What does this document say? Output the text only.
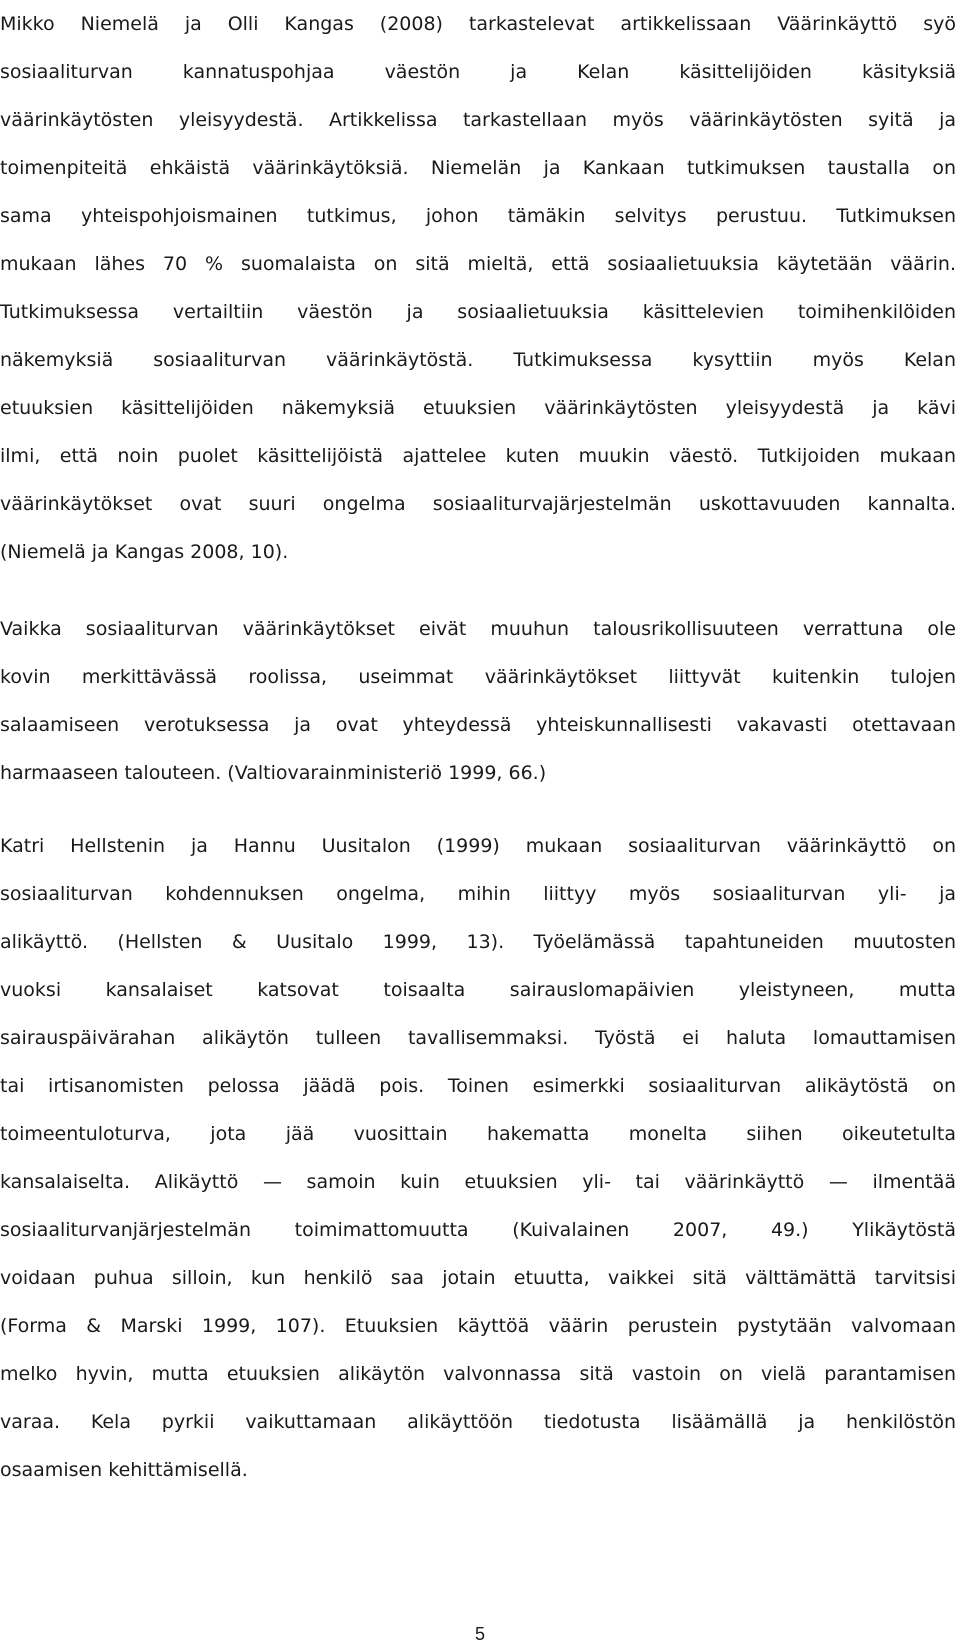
Mikko Niemelä ja Olli Kangas (2008) tarkastelevat artikkelissaan Väärinkäyttö syö
sosiaaliturvan kannatuspohjaa väestön ja Kelan käsittelijöiden käsityksiä
väärinkäytösten yleisyydestä. Artikkelissa tarkastellaan myös väärinkäytösten syitä ja
toimenpiteitä ehkäistä väärinkäytöksiä. Niemelän ja Kankaan tutkimuksen taustalla on
sama yhteispohjoismainen tutkimus, johon tämäkin selvitys perustuu. Tutkimuksen
mukaan lähes 70 % suomalaista on sitä mieltä, että sosiaalietuuksia käytetään väärin.
Tutkimuksessa vertailtiin väestön ja sosiaalietuuksia käsittelevien toimihenkilöiden
näkemyksiä sosiaaliturvan väärinkäytöstä. Tutkimuksessa kysyttiin myös Kelan
etuuksien käsittelijöiden näkemyksiä etuuksien väärinkäytösten yleisyydestä ja kävi
ilmi, että noin puolet käsittelijöistä ajattelee kuten muukin väestö. Tutkijoiden mukaan
väärinkäytökset ovat suuri ongelma sosiaaliturvajärjestelmän uskottavuuden kannalta.
(Niemelä ja Kangas 2008, 10).
Vaikka sosiaaliturvan väärinkäytökset eivät muuhun talousrikollisuuteen verrattuna ole
kovin merkittävässä roolissa, useimmat väärinkäytökset liittyvät kuitenkin tulojen
salaamiseen verotuksessa ja ovat yhteydessä yhteiskunnallisesti vakavasti otettavaan
harmaaseen talouteen. (Valtiovarainministeriö 1999, 66.)
Katri Hellstenin ja Hannu Uusitalon (1999) mukaan sosiaaliturvan väärinkäyttö on
sosiaaliturvan kohdennuksen ongelma, mihin liittyy myös sosiaaliturvan yli- ja
alikäyttö. (Hellsten & Uusitalo 1999, 13). Työelämässä tapahtuneiden muutosten
vuoksi kansalaiset katsovat toisaalta sairauslomapäivien yleistyneen, mutta
sairauspäivärahan alikäytön tulleen tavallisemmaksi. Työstä ei haluta lomauttamisen
tai irtisanomisten pelossa jäädä pois. Toinen esimerkki sosiaaliturvan alikäytöstä on
toimeentuloturva, jota jää vuosittain hakematta monelta siihen oikeutetulta
kansalaiselta. Alikäyttö — samoin kuin etuuksien yli- tai väärinkäyttö — ilmentää
sosiaaliturvanjärjestelmän toimimattomuutta (Kuivalainen 2007, 49.) Ylikäytöstä
voidaan puhua silloin, kun henkilö saa jotain etuutta, vaikkei sitä välttämättä tarvitsisi
(Forma & Marski 1999, 107). Etuuksien käyttöä väärin perustein pystytään valvomaan
melko hyvin, mutta etuuksien alikäytön valvonnassa sitä vastoin on vielä parantamisen
varaa. Kela pyrkii vaikuttamaan alikäyttöön tiedotusta lisäämällä ja henkilöstön
osaamisen kehittämisellä.
5
